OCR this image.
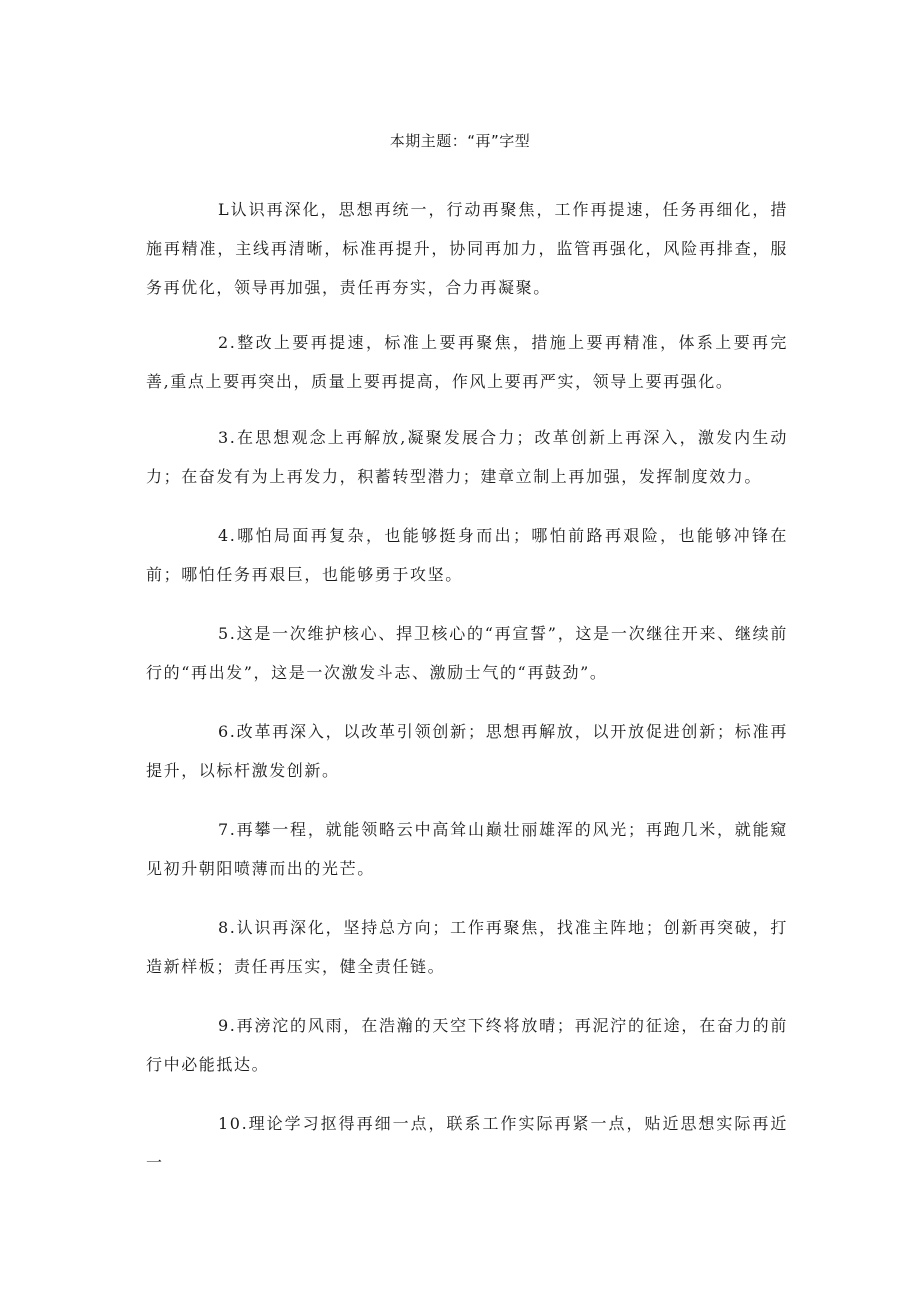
本期主题：“再”字型
L认识再深化，思想再统一，行动再聚焦，工作再提速，任务再细化，措施再精准，主线再清晰，标准再提升，协同再加力，监管再强化，风险再排查，服务再优化，领导再加强，责任再夯实，合力再凝聚。
2.整改上要再提速，标准上要再聚焦，措施上要再精准，体系上要再完善,重点上要再突出，质量上要再提高，作风上要再严实，领导上要再强化。
3.在思想观念上再解放,凝聚发展合力；改革创新上再深入，激发内生动力；在奋发有为上再发力，积蓄转型潜力；建章立制上再加强，发挥制度效力。
4.哪怕局面再复杂，也能够挺身而出；哪怕前路再艰险，也能够冲锋在前；哪怕任务再艰巨，也能够勇于攻坚。
5.这是一次维护核心、捍卫核心的“再宣誓”，这是一次继往开来、继续前行的“再出发”，这是一次激发斗志、激励士气的“再鼓劲”。
6.改革再深入，以改革引领创新；思想再解放，以开放促进创新；标准再提升，以标杆激发创新。
7.再攀一程，就能领略云中高耸山巅壮丽雄浑的风光；再跑几米，就能窥见初升朝阳喷薄而出的光芒。
8.认识再深化，坚持总方向；工作再聚焦，找准主阵地；创新再突破，打造新样板；责任再压实，健全责任链。
9.再滂沱的风雨，在浩瀚的天空下终将放晴；再泥泞的征途，在奋力的前行中必能抵达。
10.理论学习抠得再细一点，联系工作实际再紧一点，贴近思想实际再近一
